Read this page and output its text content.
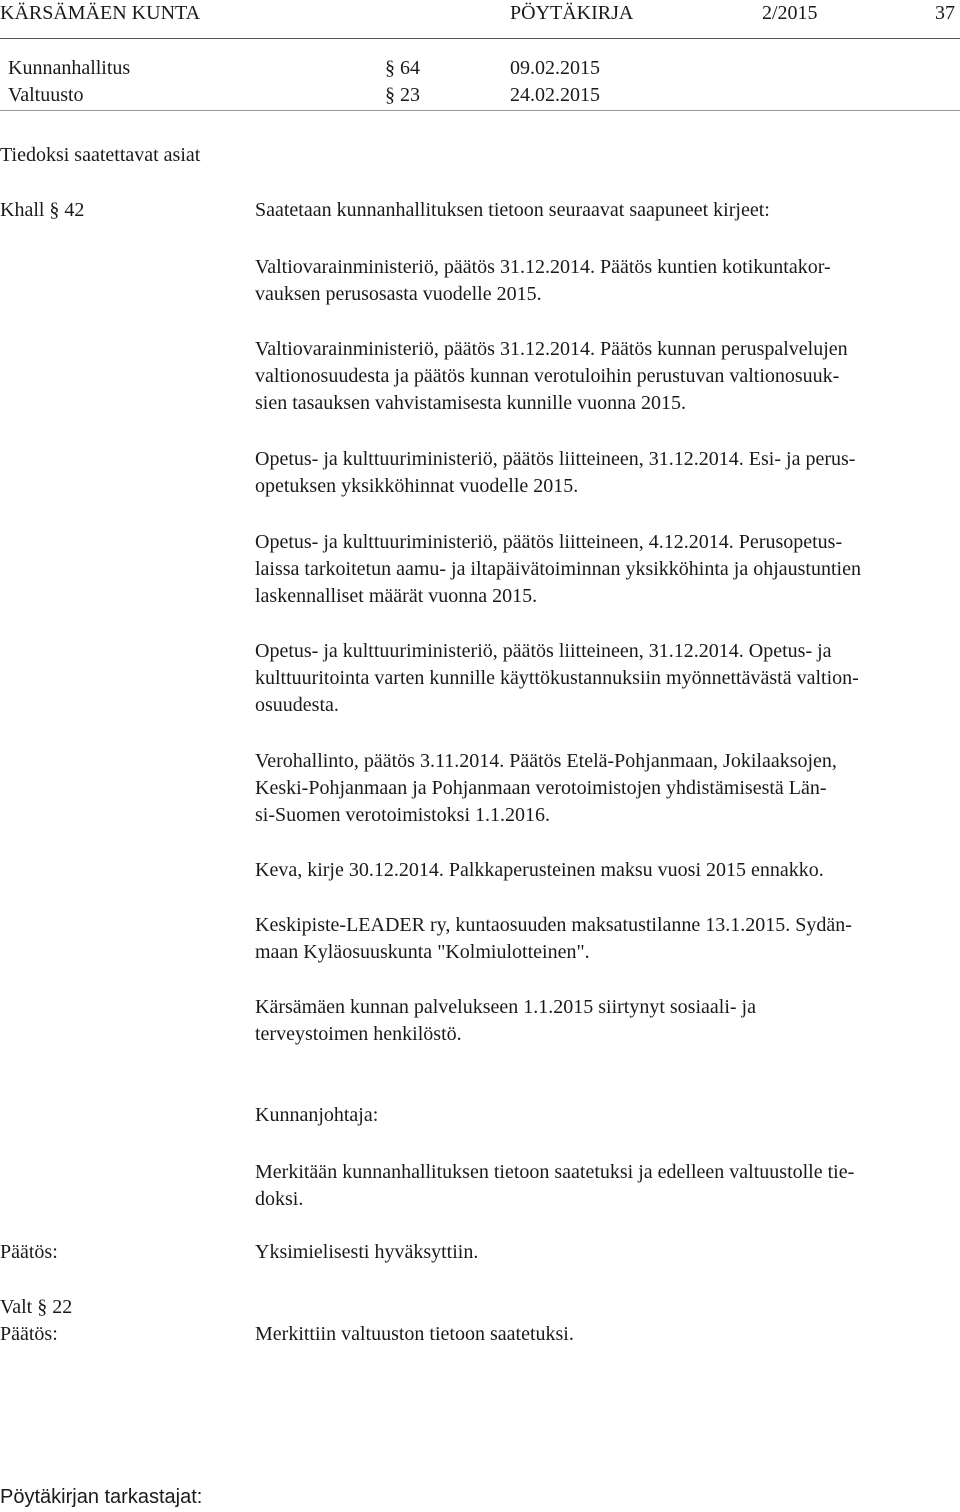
KÄRSÄMÄEN KUNTA	PÖYTÄKIRJA	2/2015	37
Kunnanhallitus	§ 64	09.02.2015
Valtuusto	§ 23	24.02.2015
Tiedoksi saatettavat asiat
Khall § 42	Saatetaan kunnanhallituksen tietoon seuraavat saapuneet kirjeet:

Valtiovarainministeriö, päätös 31.12.2014. Päätös kuntien kotikuntakor-

vauksen perusosasta vuodelle 2015.

Valtiovarainministeriö, päätös 31.12.2014. Päätös kunnan peruspalvelujen

valtionosuudesta ja päätös kunnan verotuloihin perustuvan valtionosuuk-

sien tasauksen vahvistamisesta kunnille vuonna 2015.

Opetus- ja kulttuuriministeriö, päätös liitteineen, 31.12.2014. Esi- ja perus-

opetuksen yksikköhinnat vuodelle 2015.

Opetus- ja kulttuuriministeriö, päätös liitteineen, 4.12.2014. Perusopetus-

laissa tarkoitetun aamu- ja iltapäivätoiminnan yksikköhinta ja ohjaustuntien

laskennalliset määrät vuonna 2015.

Opetus- ja kulttuuriministeriö, päätös liitteineen, 31.12.2014. Opetus- ja

kulttuuritointa varten kunnille käyttökustannuksiin myönnettävästä valtion-

osuudesta.

Verohallinto, päätös 3.11.2014. Päätös Etelä-Pohjanmaan, Jokilaaksojen,

Keski-Pohjanmaan ja Pohjanmaan verotoimistojen yhdistämisestä Län-

si-Suomen verotoimistoksi 1.1.2016.

Keva, kirje 30.12.2014. Palkkaperusteinen maksu vuosi 2015 ennakko.

Keskipiste-LEADER ry, kuntaosuuden maksatustilanne 13.1.2015. Sydän-

maan Kyläosuuskunta "Kolmiulotteinen".

Kärsämäen kunnan palvelukseen 1.1.2015 siirtynyt sosiaali- ja

terveystoimen henkilöstö.

Kunnanjohtaja:

Merkitään kunnanhallituksen tietoon saatetuksi ja edelleen valtuustolle tie-

doksi.

Päätös:	Yksimielisesti hyväksyttiin.
Valt § 22
Päätös:	Merkittiin valtuuston tietoon saatetuksi.
Pöytäkirjan tarkastajat:
